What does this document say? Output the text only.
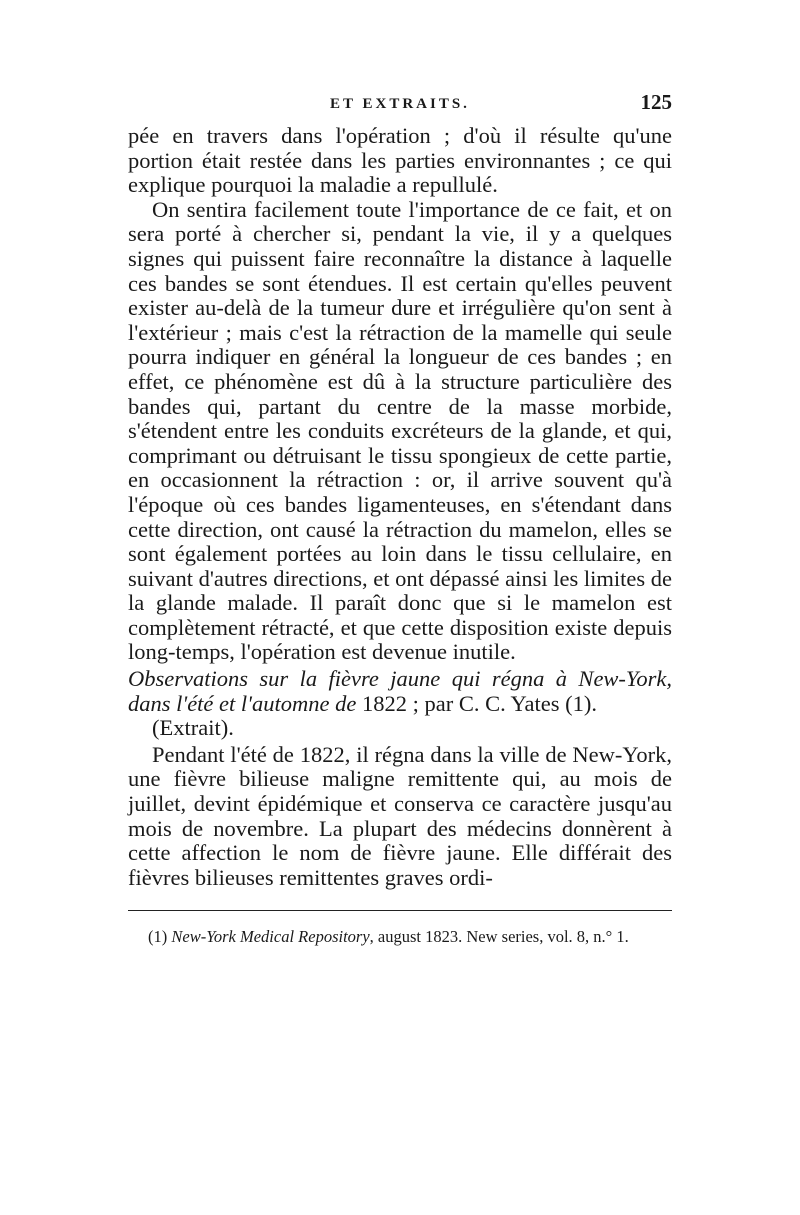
ET EXTRAITS.	125

pée en travers dans l'opération ; d'où il résulte qu'une portion était restée dans les parties environnantes ; ce qui explique pourquoi la maladie a repullulé.

On sentira facilement toute l'importance de ce fait, et on sera porté à chercher si, pendant la vie, il y a quelques signes qui puissent faire reconnaître la distance à laquelle ces bandes se sont étendues. Il est certain qu'elles peuvent exister au-delà de la tumeur dure et irrégulière qu'on sent à l'extérieur ; mais c'est la rétraction de la mamelle qui seule pourra indiquer en général la longueur de ces bandes ; en effet, ce phénomène est dû à la structure particulière des bandes qui, partant du centre de la masse morbide, s'étendent entre les conduits excréteurs de la glande, et qui, comprimant ou détruisant le tissu spongieux de cette partie, en occasionnent la rétraction : or, il arrive souvent qu'à l'époque où ces bandes ligamenteuses, en s'étendant dans cette direction, ont causé la rétraction du mamelon, elles se sont également portées au loin dans le tissu cellulaire, en suivant d'autres directions, et ont dépassé ainsi les limites de la glande malade. Il paraît donc que si le mamelon est complètement rétracté, et que cette disposition existe depuis long-temps, l'opération est devenue inutile.

Observations sur la fièvre jaune qui régna à New-York, dans l'été et l'automne de 1822 ; par C. C. Yates (1).

(Extrait).

Pendant l'été de 1822, il régna dans la ville de New-York, une fièvre bilieuse maligne remittente qui, au mois de juillet, devint épidémique et conserva ce caractère jusqu'au mois de novembre. La plupart des médecins donnèrent à cette affection le nom de fièvre jaune. Elle différait des fièvres bilieuses remittentes graves ordi-

(1) New-York Medical Repository, august 1823. New series, vol. 8, n.° 1.
